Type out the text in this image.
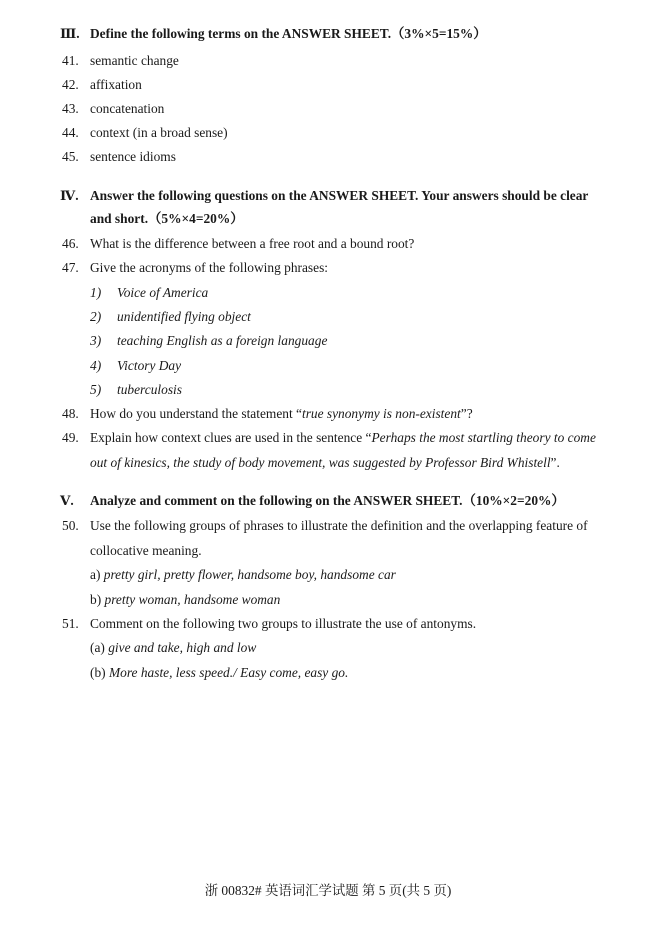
Ⅲ. Define the following terms on the ANSWER SHEET.（3%×5=15%）
41. semantic change
42. affixation
43. concatenation
44. context (in a broad sense)
45. sentence idioms
Ⅳ. Answer the following questions on the ANSWER SHEET. Your answers should be clear
and short.（5%×4=20%）
46. What is the difference between a free root and a bound root?
47. Give the acronyms of the following phrases:
1) Voice of America
2) unidentified flying object
3) teaching English as a foreign language
4) Victory Day
5) tuberculosis
48. How do you understand the statement “true synonymy is non-existent”?
49. Explain how context clues are used in the sentence “Perhaps the most startling theory to come
out of kinesics, the study of body movement, was suggested by Professor Bird Whistell”.
Ⅴ. Analyze and comment on the following on the ANSWER SHEET.（10%×2=20%）
50. Use the following groups of phrases to illustrate the definition and the overlapping feature of
collocative meaning.
a) pretty girl, pretty flower, handsome boy, handsome car
b) pretty woman, handsome woman
51. Comment on the following two groups to illustrate the use of antonyms.
(a) give and take, high and low
(b) More haste, less speed./ Easy come, easy go.
浙 00832# 英语词汇学试题 第 5 页(共 5 页)
